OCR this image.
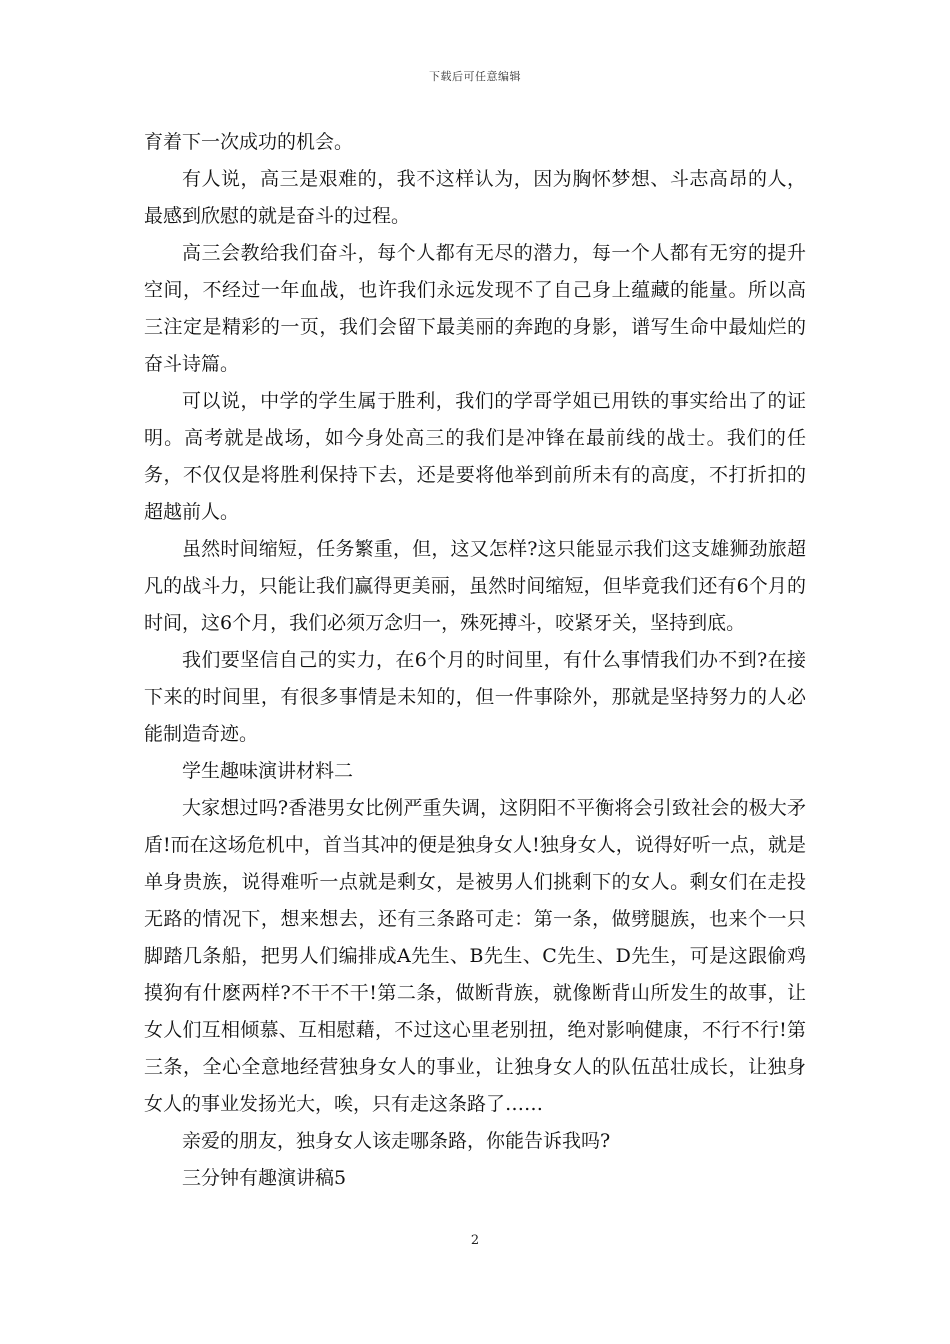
下载后可任意编辑

育着下一次成功的机会。

有人说，高三是艰难的，我不这样认为，因为胸怀梦想、斗志高昂的人，最感到欣慰的就是奋斗的过程。

高三会教给我们奋斗，每个人都有无尽的潜力，每一个人都有无穷的提升空间，不经过一年血战，也许我们永远发现不了自己身上蕴藏的能量。所以高三注定是精彩的一页，我们会留下最美丽的奔跑的身影，谱写生命中最灿烂的奋斗诗篇。

可以说，中学的学生属于胜利，我们的学哥学姐已用铁的事实给出了的证明。高考就是战场，如今身处高三的我们是冲锋在最前线的战士。我们的任务，不仅仅是将胜利保持下去，还是要将他举到前所未有的高度，不打折扣的超越前人。

虽然时间缩短，任务繁重，但，这又怎样?这只能显示我们这支雄狮劲旅超凡的战斗力，只能让我们赢得更美丽，虽然时间缩短，但毕竟我们还有6个月的时间，这6个月，我们必须万念归一，殊死搏斗，咬紧牙关，坚持到底。

我们要坚信自己的实力，在6个月的时间里，有什么事情我们办不到?在接下来的时间里，有很多事情是未知的，但一件事除外，那就是坚持努力的人必能制造奇迹。

学生趣味演讲材料二

大家想过吗?香港男女比例严重失调，这阴阳不平衡将会引致社会的极大矛盾!而在这场危机中，首当其冲的便是独身女人!独身女人，说得好听一点，就是单身贵族，说得难听一点就是剩女，是被男人们挑剩下的女人。剩女们在走投无路的情况下，想来想去，还有三条路可走：第一条，做劈腿族，也来个一只脚踏几条船，把男人们编排成A先生、B先生、C先生、D先生，可是这跟偷鸡摸狗有什麽两样?不干不干!第二条，做断背族，就像断背山所发生的故事，让女人们互相倾慕、互相慰藉，不过这心里老别扭，绝对影响健康，不行不行!第三条，全心全意地经营独身女人的事业，让独身女人的队伍茁壮成长，让独身女人的事业发扬光大，唉，只有走这条路了……

亲爱的朋友，独身女人该走哪条路，你能告诉我吗?

三分钟有趣演讲稿5

2
